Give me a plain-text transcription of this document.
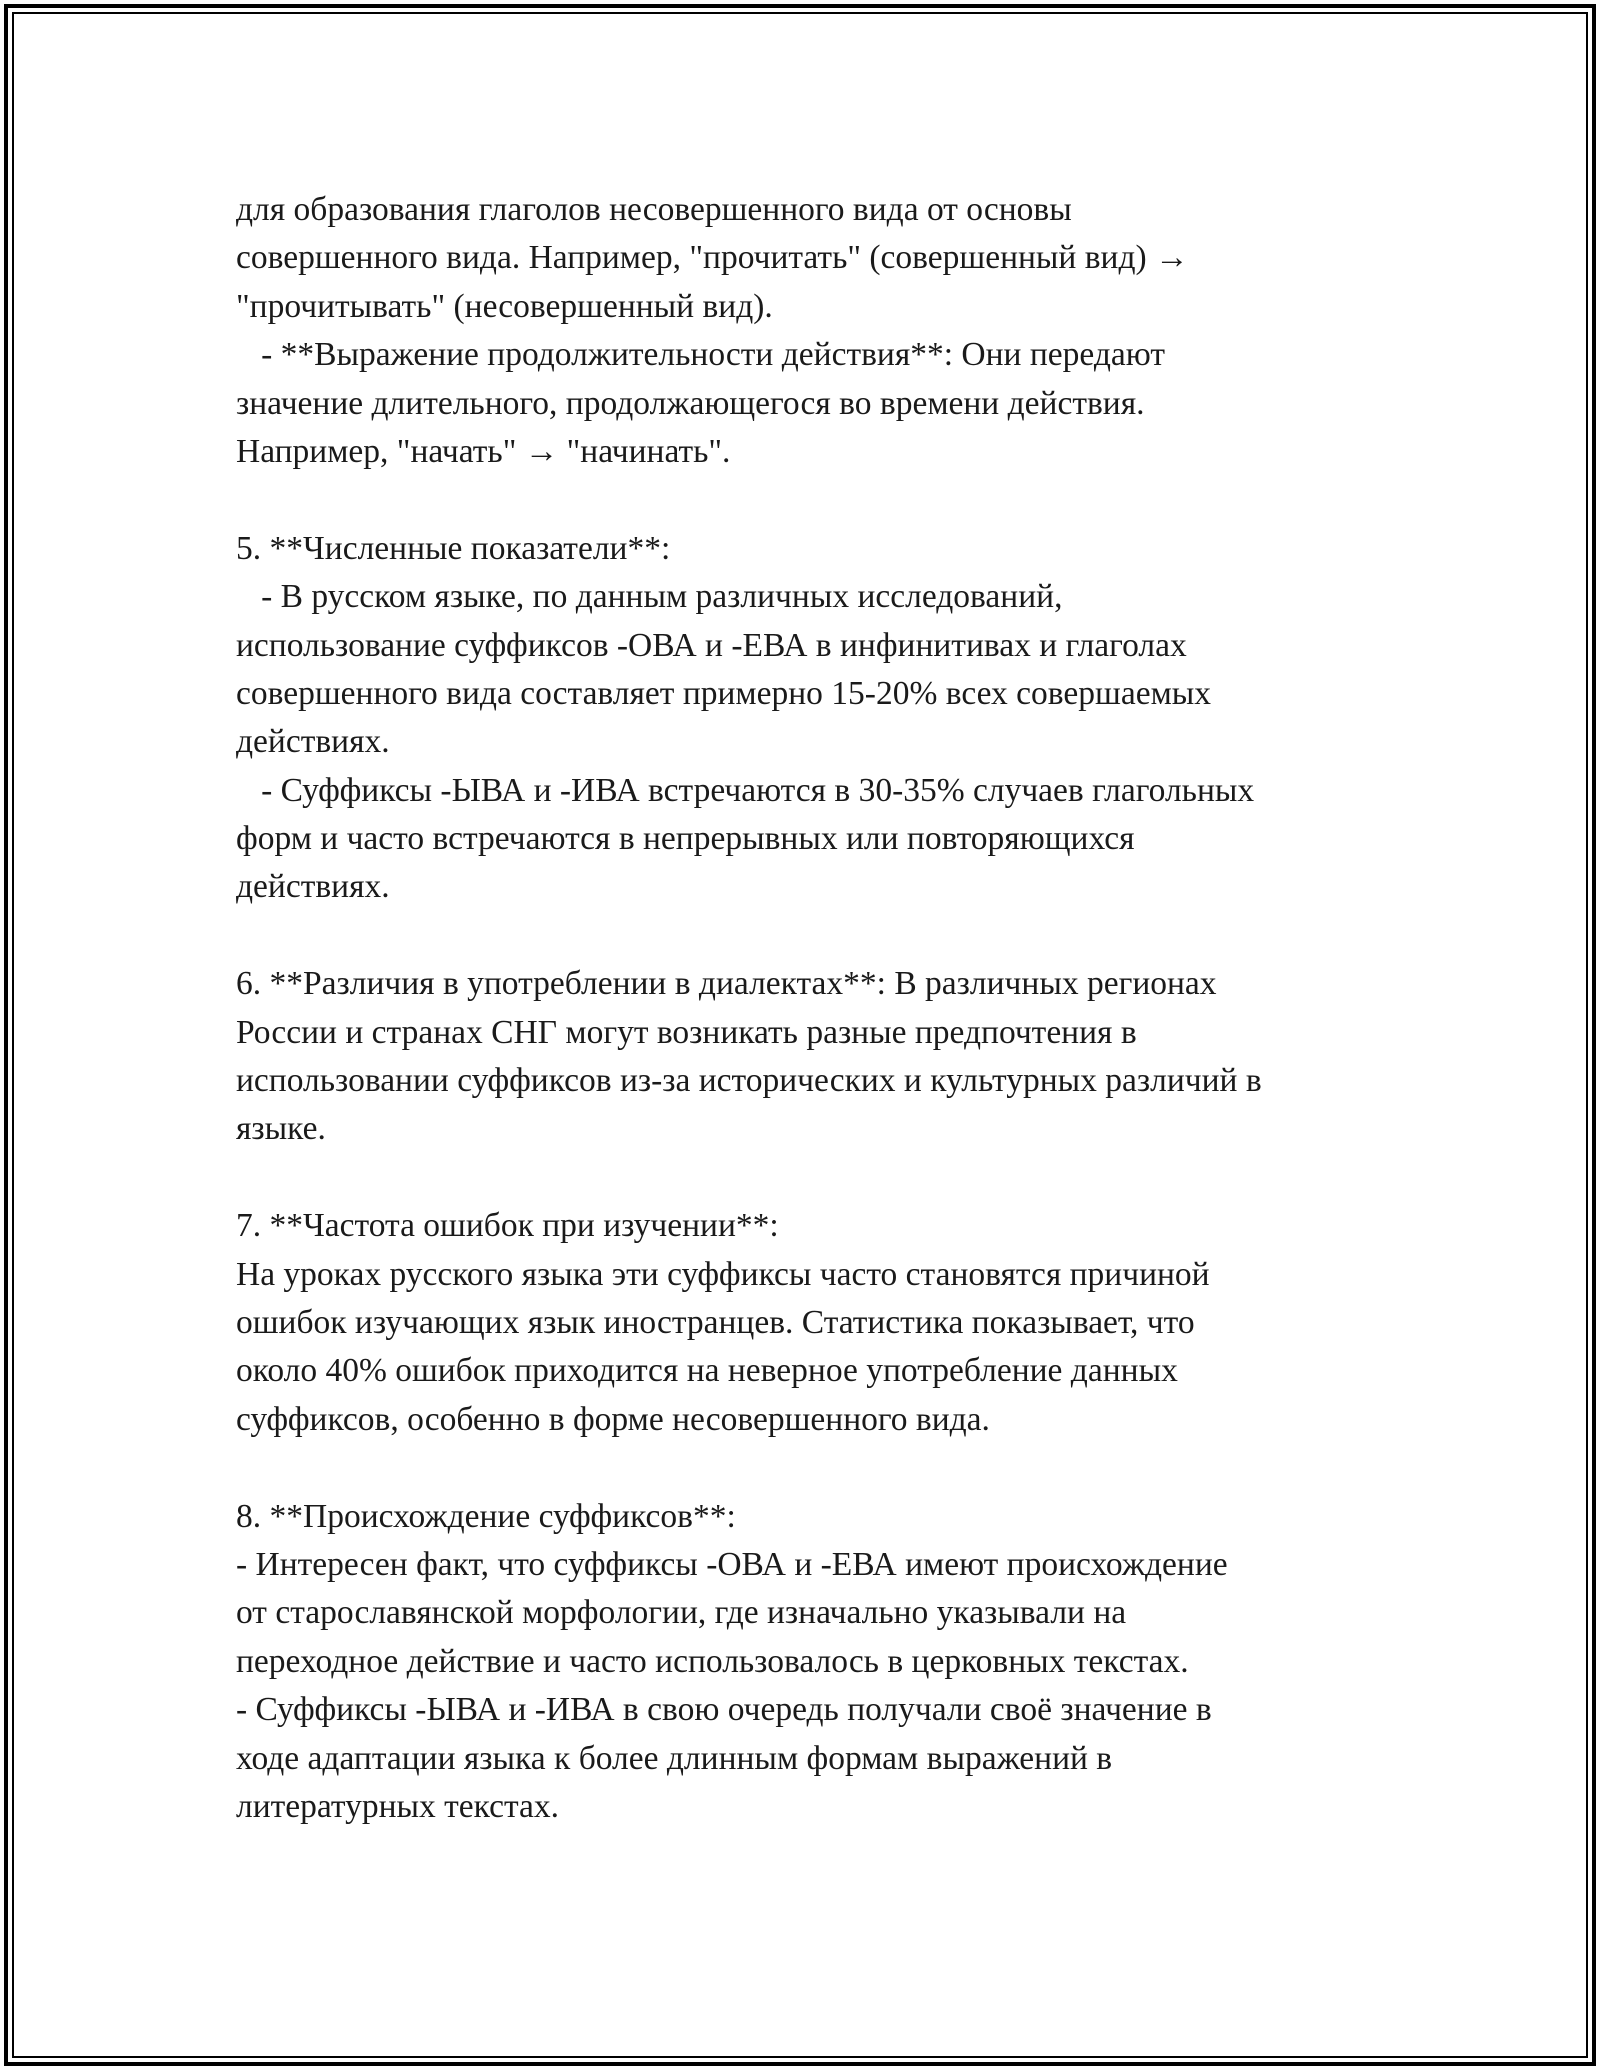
для образования глаголов несовершенного вида от основы
совершенного вида. Например, "прочитать" (совершенный вид) →
"прочитывать" (несовершенный вид).
- **Выражение продолжительности действия**: Они передают
значение длительного, продолжающегося во времени действия.
Например, "начать" → "начинать".
5. **Численные показатели**:
- В русском языке, по данным различных исследований,
использование суффиксов -ОВА и -ЕВА в инфинитивах и глаголах
совершенного вида составляет примерно 15-20% всех совершаемых
действиях.
- Суффиксы -ЫВА и -ИВА встречаются в 30-35% случаев глагольных
форм и часто встречаются в непрерывных или повторяющихся
действиях.
6. **Различия в употреблении в диалектах**: В различных регионах
России и странах СНГ могут возникать разные предпочтения в
использовании суффиксов из-за исторических и культурных различий в
языке.
7. **Частота ошибок при изучении**:
На уроках русского языка эти суффиксы часто становятся причиной
ошибок изучающих язык иностранцев. Статистика показывает, что
около 40% ошибок приходится на неверное употребление данных
суффиксов, особенно в форме несовершенного вида.
8. **Происхождение суффиксов**:
- Интересен факт, что суффиксы -ОВА и -ЕВА имеют происхождение
от старославянской морфологии, где изначально указывали на
переходное действие и часто использовалось в церковных текстах.
- Суффиксы -ЫВА и -ИВА в свою очередь получали своё значение в
ходе адаптации языка к более длинным формам выражений в
литературных текстах.
